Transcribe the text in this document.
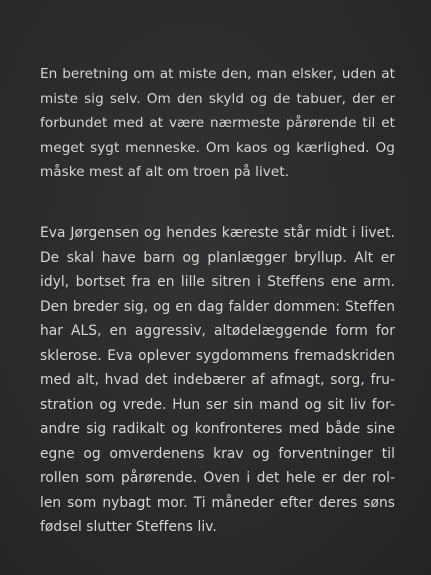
En beretning om at miste den, man elsker, uden at
miste sig selv. Om den skyld og de tabuer, der er
forbundet med at være nærmeste pårørende til et
meget sygt menneske. Om kaos og kærlighed. Og
måske mest af alt om troen på livet.
Eva Jørgensen og hendes kæreste står midt i livet.
De skal have barn og planlægger bryllup. Alt er
idyl, bortset fra en lille sitren i Steffens ene arm.
Den breder sig, og en dag falder dommen: Steffen
har ALS, en aggressiv, altødelæggende form for
sklerose. Eva oplever sygdommens fremadskriden
med alt, hvad det indebærer af afmagt, sorg, fru-
stration og vrede. Hun ser sin mand og sit liv for-
andre sig radikalt og konfronteres med både sine
egne og omverdenens krav og forventninger til
rollen som pårørende. Oven i det hele er der rol-
len som nybagt mor. Ti måneder efter deres søns
fødsel slutter Steffens liv.
